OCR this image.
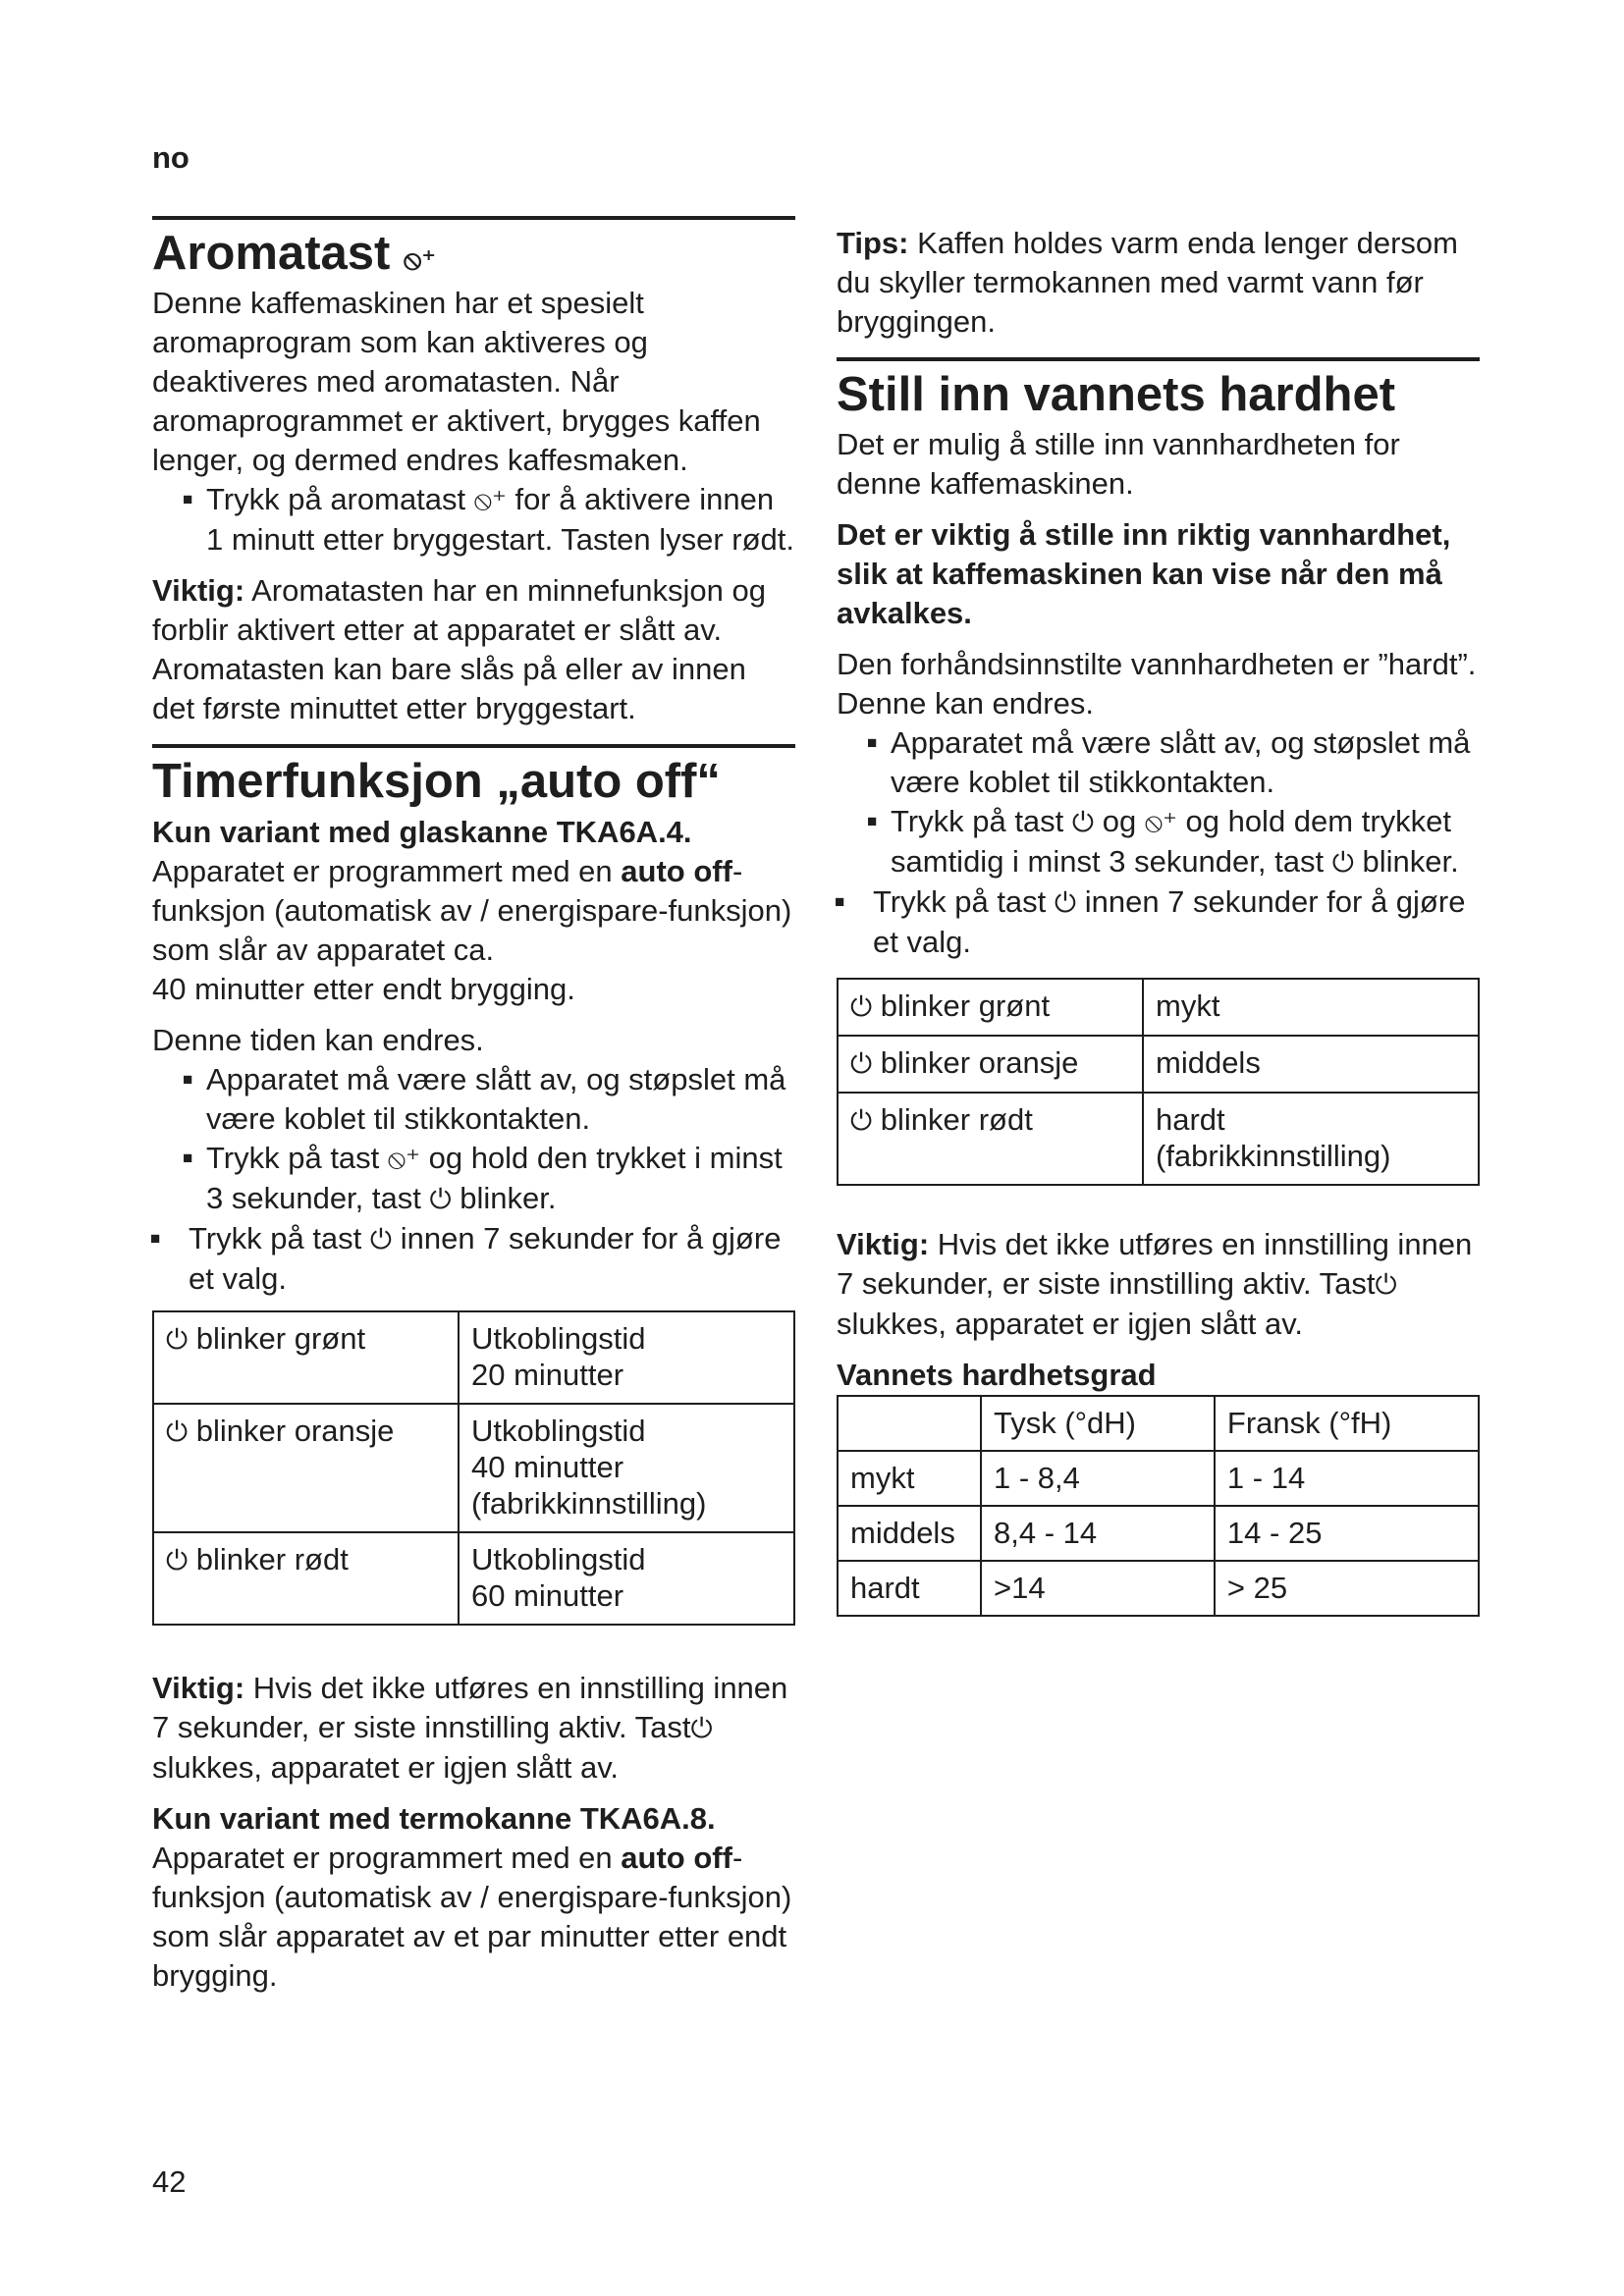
no
Aromatast ⦸⁺

Denne kaffemaskinen har et spesielt aromaprogram som kan aktiveres og deaktiveres med aromatasten. Når aromaprogrammet er aktivert, brygges kaffen lenger, og dermed endres kaffesmaken.

■ Trykk på aromatast ⦸⁺ for å aktivere innen 1 minutt etter bryggestart. Tasten lyser rødt.

Viktig: Aromatasten har en minnefunksjon og forblir aktivert etter at apparatet er slått av. Aromatasten kan bare slås på eller av innen det første minuttet etter bryggestart.

Timerfunksjon „auto off“

Kun variant med glaskanne TKA6A.4.

Apparatet er programmert med en auto off-funksjon (automatisk av / energispare-funksjon) som slår av apparatet ca.

40 minutter etter endt brygging.

Denne tiden kan endres.

■ Apparatet må være slått av, og støpslet må være koblet til stikkontakten.
■ Trykk på tast ⦸⁺ og hold den trykket i minst 3 sekunder, tast ⏻ blinker.
■ Trykk på tast ⏻ innen 7 sekunder for å gjøre et valg.
⏻ blinker grønt	Utkoblingstid
20 minutter

⏻ blinker oransje	Utkoblingstid
40 minutter
(fabrikkinnstilling)

⏻ blinker rødt	Utkoblingstid
60 minutter

Viktig: Hvis det ikke utføres en innstilling innen 7 sekunder, er siste innstilling aktiv. Tast⏻ slukkes, apparatet er igjen slått av.

Kun variant med termokanne TKA6A.8.

Apparatet er programmert med en auto off-funksjon (automatisk av / energispare-funksjon) som slår apparatet av et par minutter etter endt brygging.

Tips: Kaffen holdes varm enda lenger dersom du skyller termokannen med varmt vann før bryggingen.

Still inn vannets hardhet

Det er mulig å stille inn vannhardheten for denne kaffemaskinen.

Det er viktig å stille inn riktig vannhardhet, slik at kaffemaskinen kan vise når den må avkalkes.

Den forhåndsinnstilte vannhardheten er ”hardt”.

Denne kan endres.

■ Apparatet må være slått av, og støpslet må være koblet til stikkontakten.
■ Trykk på tast ⏻ og ⦸⁺ og hold dem trykket samtidig i minst 3 sekunder, tast ⏻ blinker.
■ Trykk på tast ⏻ innen 7 sekunder for å gjøre et valg.
⏻ blinker grønt	mykt

⏻ blinker oransje	middels

⏻ blinker rødt	hardt
(fabrikkinnstilling)

Viktig: Hvis det ikke utføres en innstilling innen 7 sekunder, er siste innstilling aktiv. Tast⏻ slukkes, apparatet er igjen slått av.

Vannets hardhetsgrad

	Tysk (°dH)	Fransk (°fH)
mykt	1 - 8,4	1 - 14
middels	8,4 - 14	14 - 25
hardt	>14	> 25
42
